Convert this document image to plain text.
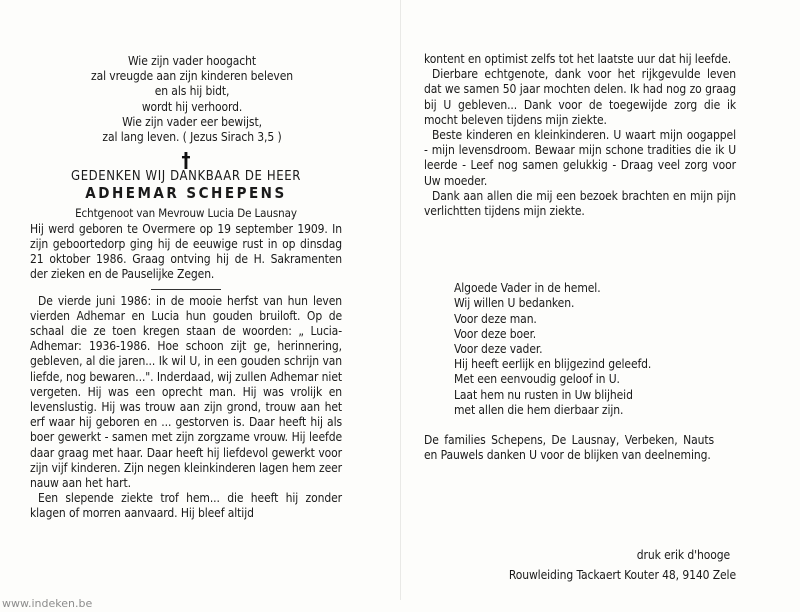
Wie zijn vader hoogacht
zal vreugde aan zijn kinderen beleven
en als hij bidt,
wordt hij verhoord.
Wie zijn vader eer bewijst,
zal lang leven. ( Jezus Sirach 3,5 )
†
GEDENKEN WIJ DANKBAAR DE HEER
ADHEMAR SCHEPENS
Echtgenoot van Mevrouw Lucia De Lausnay
Hij werd geboren te Overmere op 19 september 1909. In zijn geboortedorp ging hij de eeuwige rust in op dinsdag 21 oktober 1986. Graag ontving hij de H. Sakramenten der zieken en de Pauselijke Zegen.
De vierde juni 1986: in de mooie herfst van hun leven vierden Adhemar en Lucia hun gouden bruiloft. Op de schaal die ze toen kregen staan de woorden: „ Lucia-Adhemar: 1936-1986. Hoe schoon zijt ge, herinnering, gebleven, al die jaren... Ik wil U, in een gouden schrijn van liefde, nog bewaren...". Inderdaad, wij zullen Adhemar niet vergeten. Hij was een oprecht man. Hij was vrolijk en levenslustig. Hij was trouw aan zijn grond, trouw aan het erf waar hij geboren en ... gestorven is. Daar heeft hij als boer gewerkt - samen met zijn zorgzame vrouw. Hij leefde daar graag met haar. Daar heeft hij liefdevol gewerkt voor zijn vijf kinderen. Zijn negen kleinkinderen lagen hem zeer nauw aan het hart.
Een slepende ziekte trof hem... die heeft hij zonder klagen of morren aanvaard. Hij bleef altijd
kontent en optimist zelfs tot het laatste uur dat hij leefde.
Dierbare echtgenote, dank voor het rijkgevulde leven dat we samen 50 jaar mochten delen. Ik had nog zo graag bij U gebleven... Dank voor de toegewijde zorg die ik mocht beleven tijdens mijn ziekte.
Beste kinderen en kleinkinderen. U waart mijn oogappel - mijn levensdroom. Bewaar mijn schone tradities die ik U leerde - Leef nog samen gelukkig - Draag veel zorg voor Uw moeder.
Dank aan allen die mij een bezoek brachten en mijn pijn verlichtten tijdens mijn ziekte.
Algoede Vader in de hemel.
Wij willen U bedanken.
Voor deze man.
Voor deze boer.
Voor deze vader.
Hij heeft eerlijk en blijgezind geleefd.
Met een eenvoudig geloof in U.
Laat hem nu rusten in Uw blijheid
met allen die hem dierbaar zijn.
De families Schepens, De Lausnay, Verbeken, Nauts en Pauwels danken U voor de blijken van deelneming.
druk erik d'hooge
Rouwleiding Tackaert Kouter 48, 9140 Zele
www.indeken.be
